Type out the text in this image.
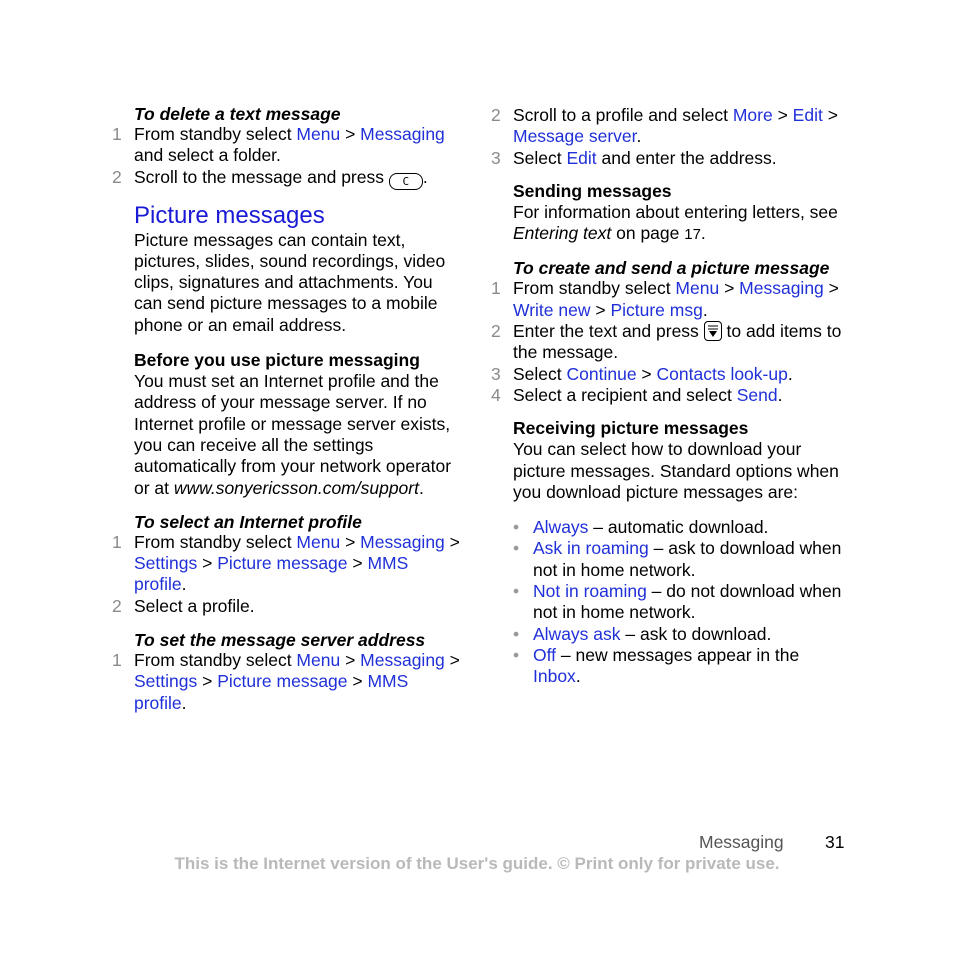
To delete a text message
1 From standby select Menu > Messaging and select a folder.
2 Scroll to the message and press C .
Picture messages

Picture messages can contain text, pictures, slides, sound recordings, video clips, signatures and attachments. You can send picture messages to a mobile phone or an email address.

Before you use picture messaging

You must set an Internet profile and the address of your message server. If no Internet profile or message server exists, you can receive all the settings automatically from your network operator or at www.sonyericsson.com/support.

To select an Internet profile
1 From standby select Menu > Messaging > Settings > Picture message > MMS profile.
2 Select a profile.
To set the message server address
1 From standby select Menu > Messaging > Settings > Picture message > MMS profile.
2 Scroll to a profile and select More > Edit > Message server.
3 Select Edit and enter the address.
Sending messages

For information about entering letters, see Entering text on page 17.

To create and send a picture message
1 From standby select Menu > Messaging > Write new > Picture msg.
2 Enter the text and press
to add items to the message.
3 Select Continue > Contacts look-up.
4 Select a recipient and select Send.
Receiving picture messages

You can select how to download your picture messages. Standard options when you download picture messages are:

• Always – automatic download.
• Ask in roaming – ask to download when not in home network.
• Not in roaming – do not download when not in home network.
• Always ask – ask to download.
• Off – new messages appear in the Inbox.
Messaging 31
This is the Internet version of the User's guide. © Print only for private use.
